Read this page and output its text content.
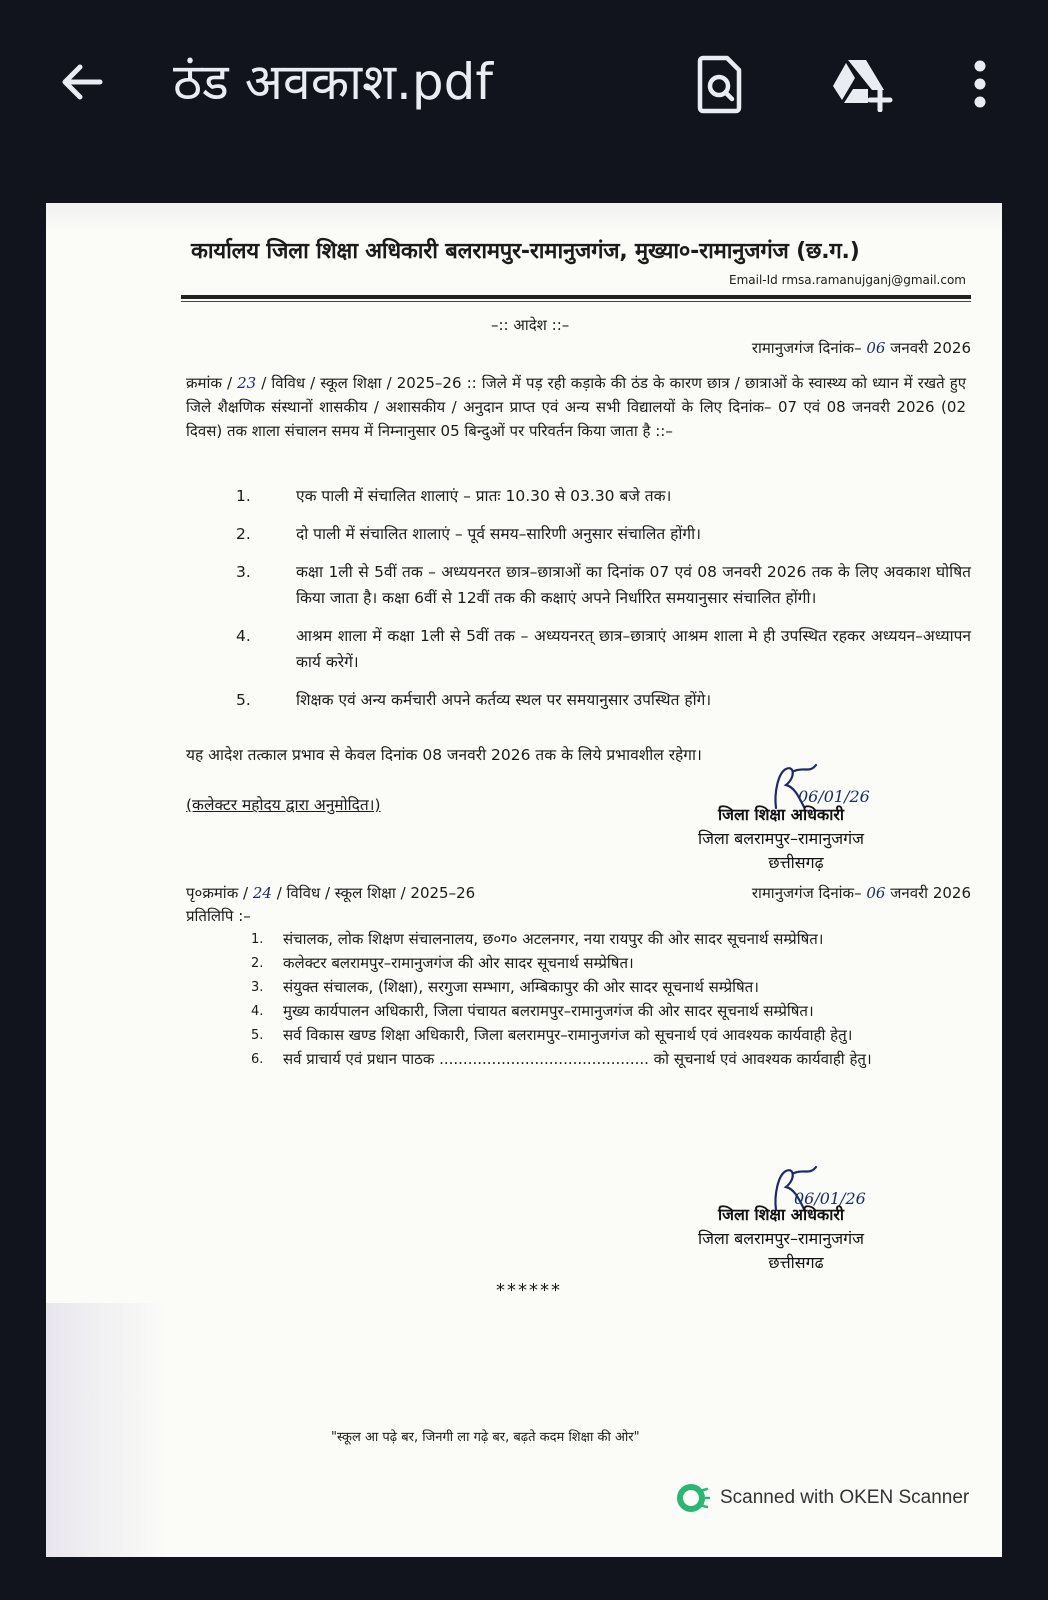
ठंड अवकाश.pdf
कार्यालय जिला शिक्षा अधिकारी बलरामपुर-रामानुजगंज, मुख्या०-रामानुजगंज (छ.ग.)
Email-Id rmsa.ramanujganj@gmail.com
–:: आदेश ::–
रामानुजगंज दिनांक– 06 जनवरी 2026
क्रमांक / 23 / विविध / स्कूल शिक्षा / 2025–26 :: जिले में पड़ रही कड़ाके की ठंड के कारण छात्र / छात्राओं के स्वास्थ्य को ध्यान में रखते हुए जिले शैक्षणिक संस्थानों शासकीय / अशासकीय / अनुदान प्राप्त एवं अन्य सभी विद्यालयों के लिए दिनांक– 07 एवं 08 जनवरी 2026 (02 दिवस) तक शाला संचालन समय में निम्नानुसार 05 बिन्दुओं पर परिवर्तन किया जाता है ::–
1.	एक पाली में संचालित शालाएं – प्रातः 10.30 से 03.30 बजे तक।
2.	दो पाली में संचालित शालाएं – पूर्व समय–सारिणी अनुसार संचालित होंगी।
3.	कक्षा 1ली से 5वीं तक – अध्ययनरत छात्र–छात्राओं का दिनांक 07 एवं 08 जनवरी 2026 तक के लिए अवकाश घोषित किया जाता है। कक्षा 6वीं से 12वीं तक की कक्षाएं अपने निर्धारित समयानुसार संचालित होंगी।
4.	आश्रम शाला में कक्षा 1ली से 5वीं तक – अध्ययनरत् छात्र–छात्राएं आश्रम शाला मे ही उपस्थित रहकर अध्ययन–अध्यापन कार्य करेगें।
5.	शिक्षक एवं अन्य कर्मचारी अपने कर्तव्य स्थल पर समयानुसार उपस्थित होंगे।
यह आदेश तत्काल प्रभाव से केवल दिनांक 08 जनवरी 2026 तक के लिये प्रभावशील रहेगा।
(कलेक्टर महोदय द्वारा अनुमोदित।)	06/01/26
जिला शिक्षा अधिकारी
जिला बलरामपुर–रामानुजगंज
छत्तीसगढ़
पृ०क्रमांक / 24 / विविध / स्कूल शिक्षा / 2025–26	रामानुजगंज दिनांक– 06 जनवरी 2026
प्रतिलिपि :–
1.	संचालक, लोक शिक्षण संचालनालय, छ०ग० अटलनगर, नया रायपुर की ओर सादर सूचनार्थ सम्प्रेषित।
2.	कलेक्टर बलरामपुर–रामानुजगंज की ओर सादर सूचनार्थ सम्प्रेषित।
3.	संयुक्त संचालक, (शिक्षा), सरगुजा सम्भाग, अम्बिकापुर की ओर सादर सूचनार्थ सम्प्रेषित।
4.	मुख्य कार्यपालन अधिकारी, जिला पंचायत बलरामपुर–रामानुजगंज की ओर सादर सूचनार्थ सम्प्रेषित।
5.	सर्व विकास खण्ड शिक्षा अधिकारी, जिला बलरामपुर–रामानुजगंज को सूचनार्थ एवं आवश्यक कार्यवाही हेतु।
6.	सर्व प्राचार्य एवं प्रधान पाठक ............................................ को सूचनार्थ एवं आवश्यक कार्यवाही हेतु।
06/01/26
जिला शिक्षा अधिकारी
जिला बलरामपुर–रामानुजगंज
छत्तीसगढ
******
"स्कूल आ पढ़े बर, जिनगी ला गढ़े बर, बढ़ते कदम शिक्षा की ओर"
Scanned with OKEN Scanner
